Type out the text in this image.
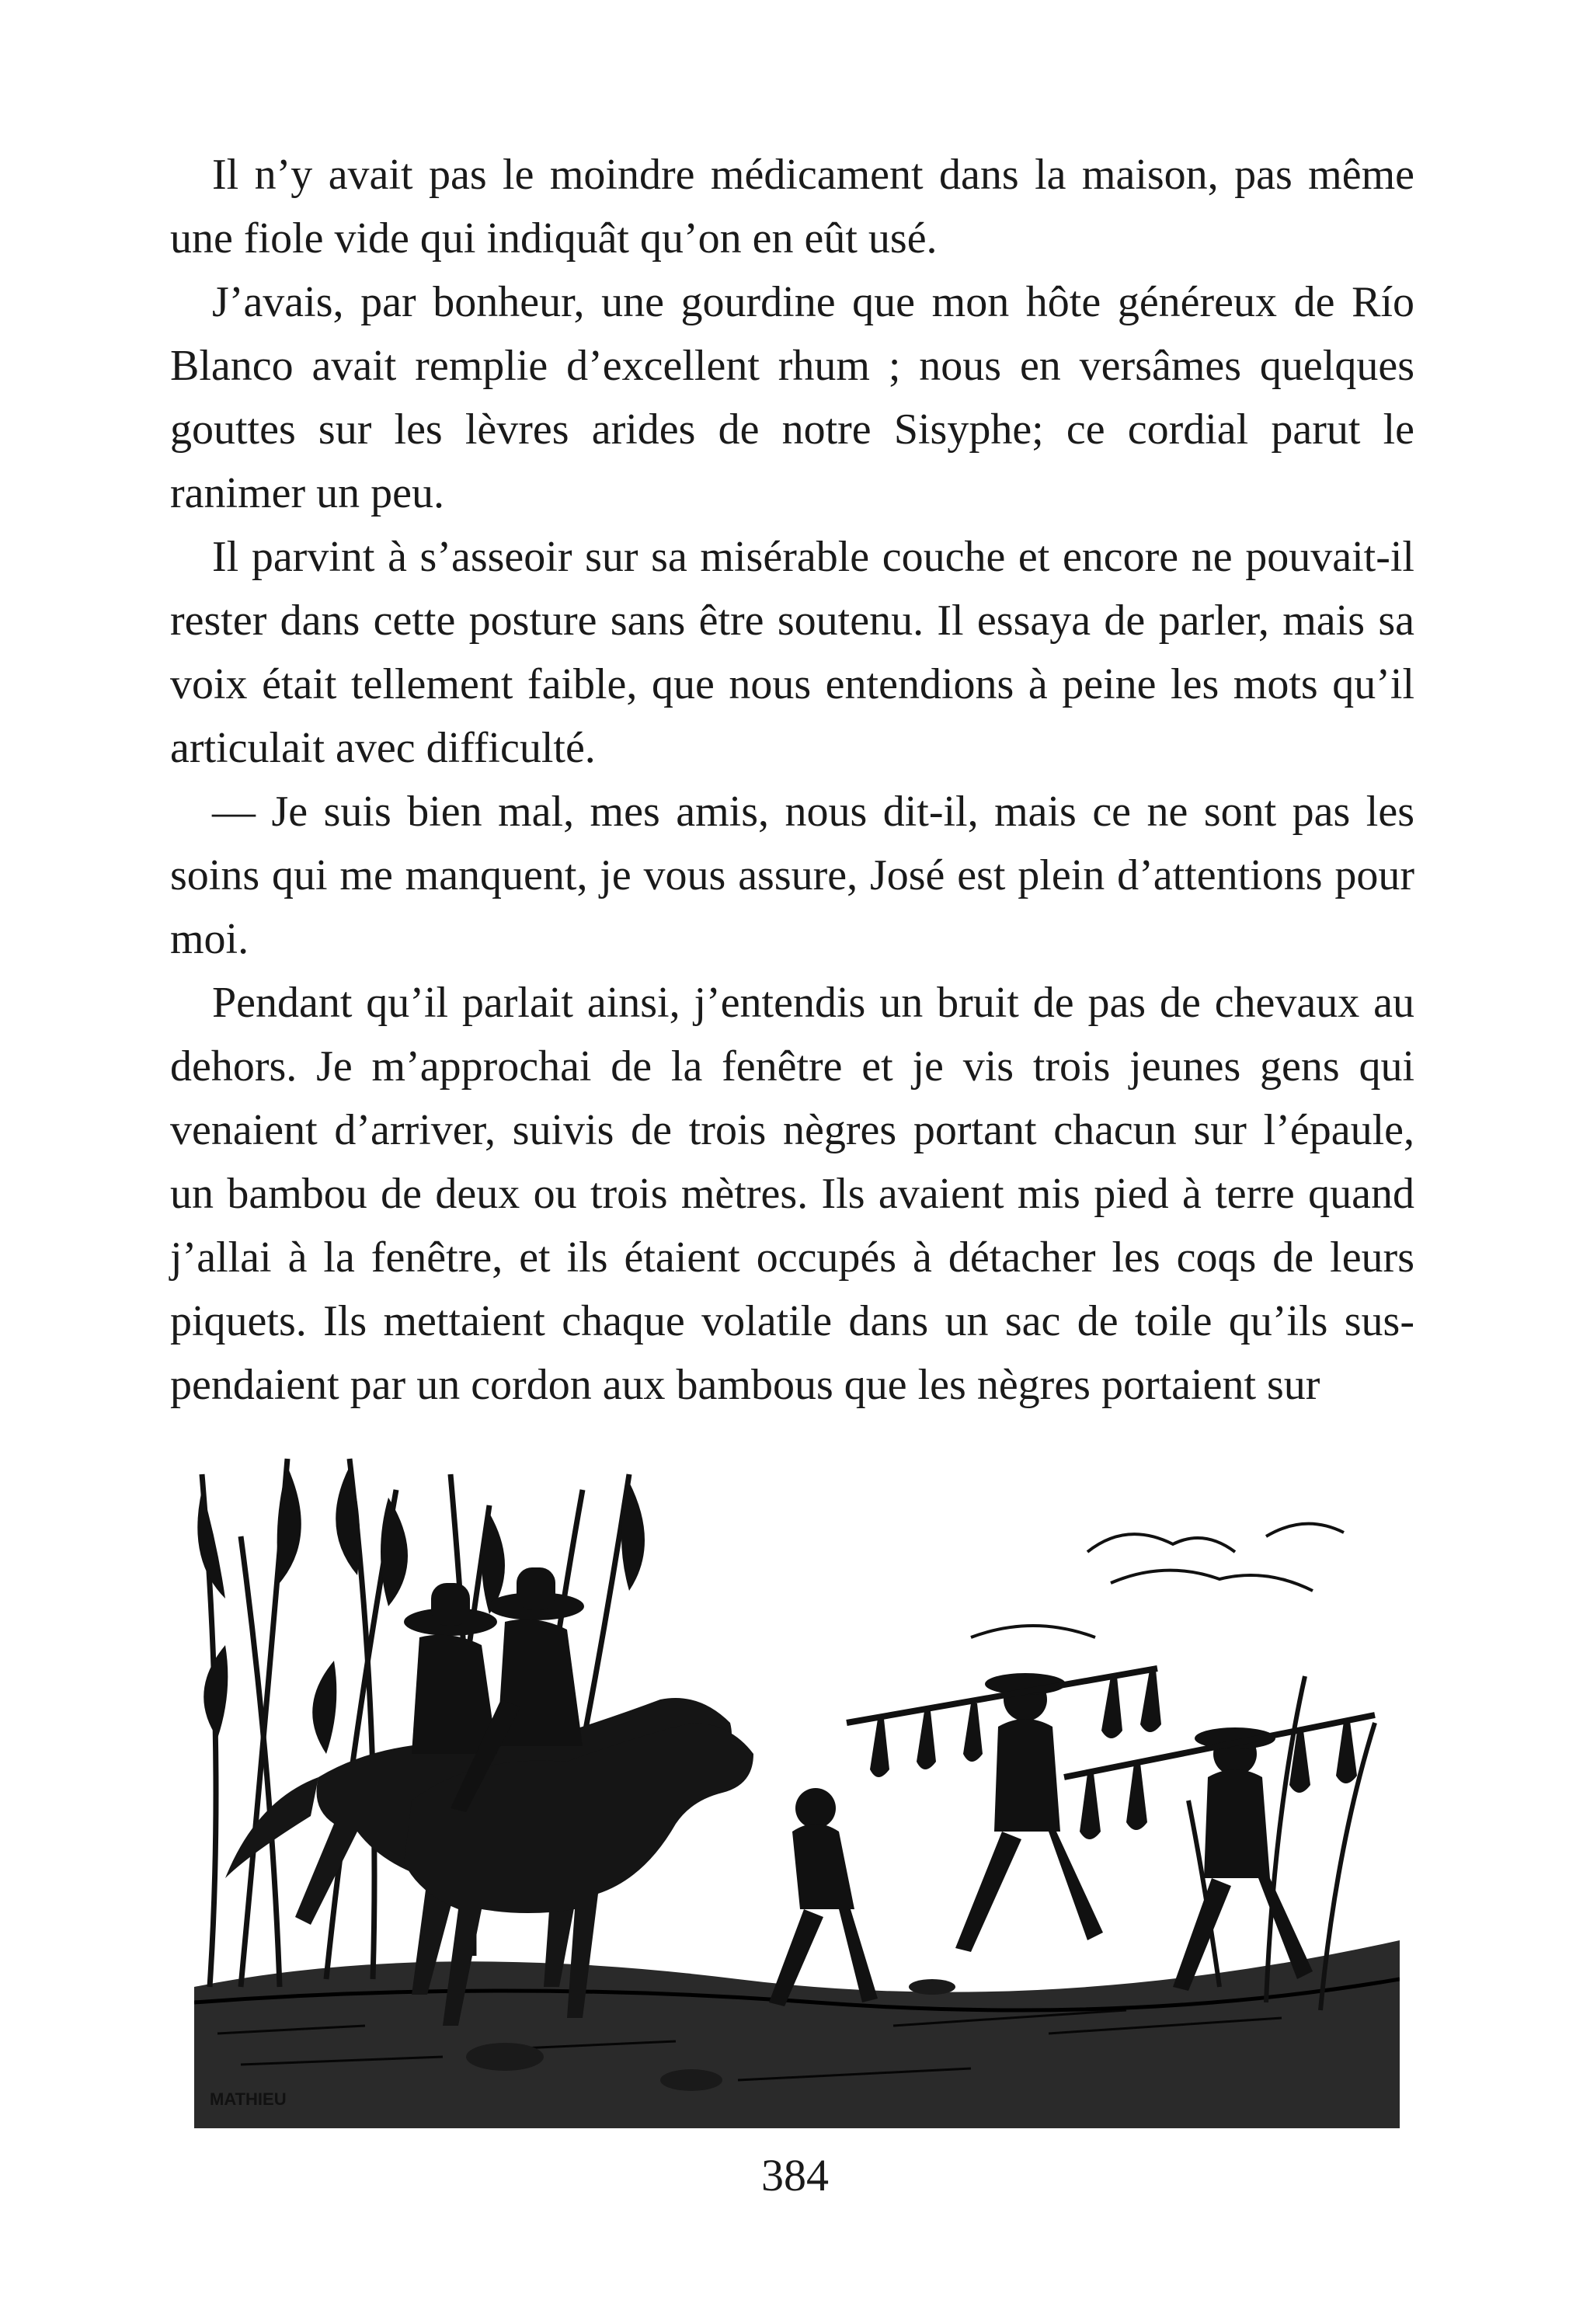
Il n’y avait pas le moindre médicament dans la maison, pas même une fiole vide qui indiquât qu’on en eût usé.

J’avais, par bonheur, une gourdine que mon hôte généreux de Río Blanco avait remplie d’excellent rhum ; nous en versâmes quelques gouttes sur les lèvres arides de notre Sisyphe; ce cordial parut le ranimer un peu.

Il parvint à s’asseoir sur sa misérable couche et encore ne pouvait-il rester dans cette posture sans être soutenu. Il essaya de parler, mais sa voix était tellement faible, que nous entendions à peine les mots qu’il articulait avec difficulté.

— Je suis bien mal, mes amis, nous dit-il, mais ce ne sont pas les soins qui me manquent, je vous assure, José est plein d’attentions pour moi.

Pendant qu’il parlait ainsi, j’entendis un bruit de pas de chevaux au dehors. Je m’approchai de la fenêtre et je vis trois jeunes gens qui venaient d’arriver, suivis de trois nègres portant chacun sur l’épaule, un bambou de deux ou trois mètres. Ils avaient mis pied à terre quand j’allai à la fenêtre, et ils étaient occupés à détacher les coqs de leurs piquets. Ils mettaient chaque volatile dans un sac de toile qu’ils suspendaient par un cordon aux bambous que les nègres portaient sur

MATHIEU
384
